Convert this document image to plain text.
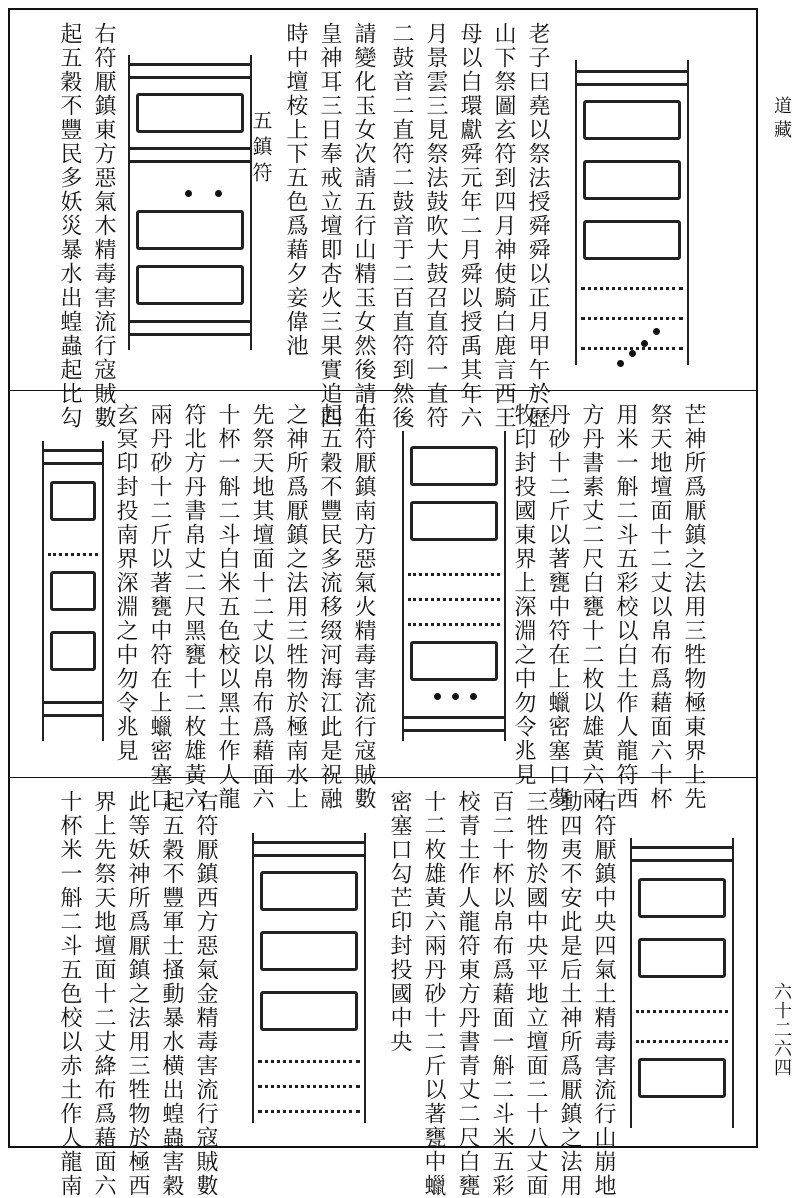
老子曰堯以祭法授舜舜以正月甲午於歷
山下祭圖玄符到四月神使騎白鹿言西王
母以白環獻舜元年二月舜以授禹其年六
月景雲三見祭法鼓吹大鼓召直符一直符
二鼓音二直符二鼓音于二百直符到然後
請變化玉女次請五行山精玉女然後請上
皇神耳三日奉戒立壇即杏火三果實追四
時中壇桉上下五色爲藉夕妾偉池
五鎮符
右符厭鎮東方惡氣木精毒害流行寇賊數
起五穀不豐民多妖災暴水出蝗蟲起比勾
芒神所爲厭鎮之法用三牲物極東界上先
祭天地壇面十二丈以帛布爲藉面六十杯
用米一斛二斗五彩校以白土作人龍符西
方丹書素丈二尺白甕十二枚以雄黃六兩
丹砂十二斤以著甕中符在上蠟密塞口夢
牧印封投國東界上深淵之中勿令兆見
右符厭鎮南方惡氣火精毒害流行寇賊數
起五穀不豐民多流移缀河海江此是祝融
之神所爲厭鎮之法用三牲物於極南水上
先祭天地其壇面十二丈以帛布爲藉面六
十杯一斛二斗白米五色校以黑土作人龍
符北方丹書帛丈二尺黑甕十二枚雄黃六
兩丹砂十二斤以著甕中符在上蠟密塞口
玄冥印封投南界深淵之中勿令兆見
右符厭鎮中央四氣土精毒害流行山崩地
動四夷不安此是后土神所爲厭鎮之法用
三牲物於國中央平地立壇面二十八丈面
百二十杯以帛布爲藉面一斛二斗米五彩
校青土作人龍符東方丹書青丈二尺白甕
十二枚雄黃六兩丹砂十二斤以著甕中蠟
密塞口勾芒印封投國中央
右符厭鎮西方惡氣金精毒害流行寇賊數
起五穀不豐軍士搔動暴水横出蝗蟲害穀
此等妖神所爲厭鎮之法用三牲物於極西
界上先祭天地壇面十二丈絳布爲藉面六
十杯米一斛二斗五色校以赤土作人龍南
道藏
六十二六四
